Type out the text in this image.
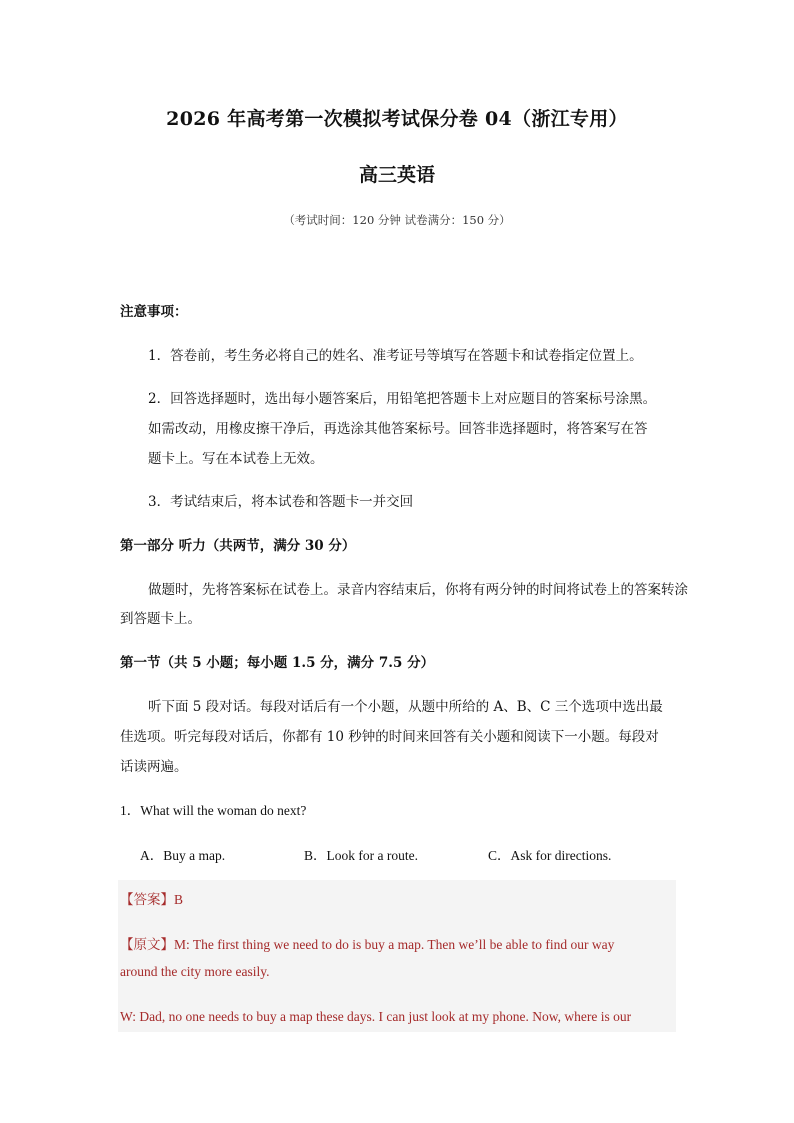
2026 年高考第一次模拟考试保分卷 04（浙江专用）
高三英语
（考试时间：120 分钟 试卷满分：150 分）
注意事项：
1．答卷前，考生务必将自己的姓名、准考证号等填写在答题卡和试卷指定位置上。
2．回答选择题时，选出每小题答案后，用铅笔把答题卡上对应题目的答案标号涂黑。
如需改动，用橡皮擦干净后，再选涂其他答案标号。回答非选择题时，将答案写在答
题卡上。写在本试卷上无效。
3．考试结束后，将本试卷和答题卡一并交回
第一部分 听力（共两节，满分 30 分）
做题时，先将答案标在试卷上。录音内容结束后，你将有两分钟的时间将试卷上的答案转涂
到答题卡上。
第一节（共 5 小题；每小题 1.5 分，满分 7.5 分）
听下面 5 段对话。每段对话后有一个小题，从题中所给的 A、B、C 三个选项中选出最
佳选项。听完每段对话后，你都有 10 秒钟的时间来回答有关小题和阅读下一小题。每段对
话读两遍。
1．What will the woman do next?
A．Buy a map.	B．Look for a route.	C．Ask for directions.
【答案】B
【原文】M: The first thing we need to do is buy a map. Then we’ll be able to find our way
around the city more easily.
W: Dad, no one needs to buy a map these days. I can just look at my phone. Now, where is our
